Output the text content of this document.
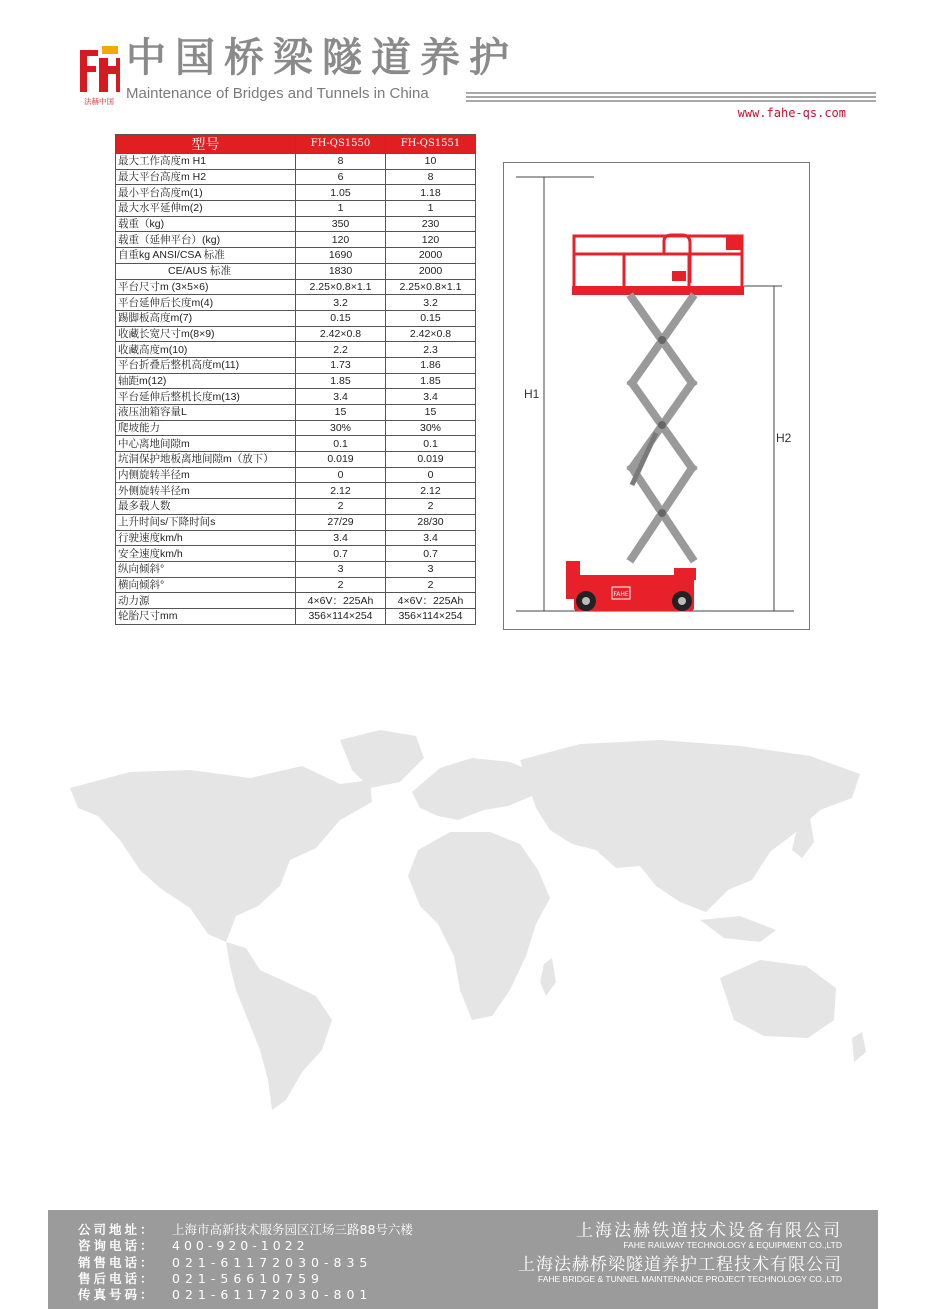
法赫中国
中国桥梁隧道养护
Maintenance of Bridges and Tunnels in China
www.fahe-qs.com
型号	FH-QS1550	FH-QS1551
最大工作高度m H1	8	10
最大平台高度m H2	6	8
最小平台高度m(1)	1.05	1.18
最大水平延伸m(2)	1	1
载重（kg)	350	230
载重（延伸平台）(kg)	120	120
自重kg ANSI/CSA 标准	1690	2000
CE/AUS 标准	1830	2000
平台尺寸m (3×5×6)	2.25×0.8×1.1	2.25×0.8×1.1
平台延伸后长度m(4)	3.2	3.2
踢脚板高度m(7)	0.15	0.15
收藏长宽尺寸m(8×9)	2.42×0.8	2.42×0.8
收藏高度m(10)	2.2	2.3
平台折叠后整机高度m(11)	1.73	1.86
轴距m(12)	1.85	1.85
平台延伸后整机长度m(13)	3.4	3.4
液压油箱容量L	15	15
爬坡能力	30%	30%
中心离地间隙m	0.1	0.1
坑洞保护地板离地间隙m（放下）	0.019	0.019
内侧旋转半径m	0	0
外侧旋转半径m	2.12	2.12
最多载人数	2	2
上升时间s/下降时间s	27/29	28/30
行驶速度km/h	3.4	3.4
安全速度km/h	0.7	0.7
纵向倾斜°	3	3
横向倾斜°	2	2
动力源	4×6V：225Ah	4×6V：225Ah
轮胎尺寸mm	356×114×254	356×114×254
FAHE
H1
H2
公司地址： 上海市高新技术服务园区江场三路88号六楼
咨询电话： 400-920-1022
销售电话： 021-61172030-835
售后电话： 021-56610759
传真号码： 021-61172030-801
上海法赫铁道技术设备有限公司
FAHE RAILWAY TECHNOLOGY & EQUIPMENT CO.,LTD
上海法赫桥梁隧道养护工程技术有限公司
FAHE BRIDGE & TUNNEL MAINTENANCE PROJECT TECHNOLOGY CO.,LTD
